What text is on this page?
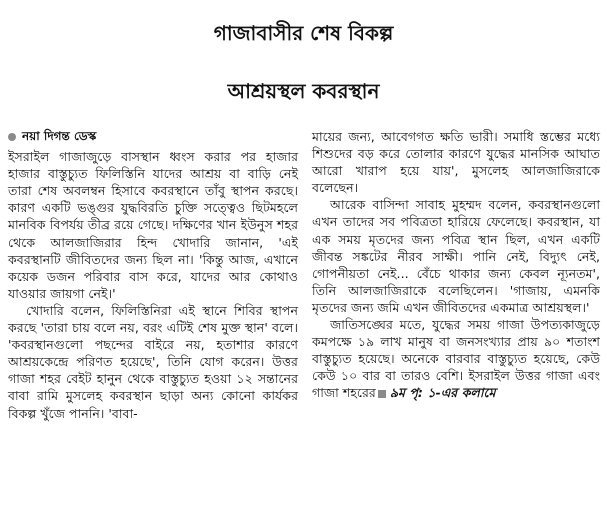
গাজাবাসীর শেষ বিকল্প
আশ্রয়স্থল কবরস্থান
নয়া দিগন্ত ডেস্ক

ইসরাইল গাজাজুড়ে বাসস্থান ধ্বংস করার পর হাজার হাজার বাস্তুচ্যুত ফিলিস্তিনি যাদের আশ্রয় বা বাড়ি নেই তারা শেষ অবলম্বন হিসাবে কবরস্থানে তাঁবু স্থাপন করছে। কারণ একটি ভঙ্গুর যুদ্ধবিরতি চুক্তি সত্ত্বেও ছিটমহলে মানবিক বিপর্যয় তীব্র রয়ে গেছে। দক্ষিণের খান ইউনুস শহর থেকে আলজাজিরার হিন্দ খোদারি জানান, 'এই কবরস্থানটি জীবিতদের জন্য ছিল না। 'কিন্তু আজ, এখানে কয়েক ডজন পরিবার বাস করে, যাদের আর কোথাও যাওয়ার জায়গা নেই।'

খোদারি বলেন, ফিলিস্তিনিরা এই স্থানে শিবির স্থাপন করছে 'তারা চায় বলে নয়, বরং এটিই শেষ মুক্ত স্থান' বলে। 'কবরস্থানগুলো পছন্দের বাইরে নয়, হতাশার কারণে আশ্রয়কেন্দ্রে পরিণত হয়েছে', তিনি যোগ করেন। উত্তর গাজা শহর বেইট হানুন থেকে বাস্তুচ্যুত হওয়া ১২ সন্তানের বাবা রামি মুসলেহ কবরস্থান ছাড়া অন্য কোনো কার্যকর বিকল্প খুঁজে পাননি। 'বাবা-

মায়ের জন্য, আবেগগত ক্ষতি ভারী। সমাধি স্তম্ভের মধ্যে শিশুদের বড় করে তোলার কারণে যুদ্ধের মানসিক আঘাত আরো খারাপ হয়ে যায়', মুসলেহ আলজাজিরাকে বলেছেন।

আরেক বাসিন্দা সাবাহ মুহম্মদ বলেন, কবরস্থানগুলো এখন তাদের সব পবিত্রতা হারিয়ে ফেলেছে। কবরস্থান, যা এক সময় মৃতদের জন্য পবিত্র স্থান ছিল, এখন একটি জীবন্ত সঙ্কটের নীরব সাক্ষী। পানি নেই, বিদ্যুৎ নেই, গোপনীয়তা নেই... বেঁচে থাকার জন্য কেবল ন্যূনতম', তিনি আলজাজিরাকে বলেছিলেন। 'গাজায়, এমনকি মৃতদের জন্য জমি এখন জীবিতদের একমাত্র আশ্রয়স্থল।'

জাতিসঙ্ঘের মতে, যুদ্ধের সময় গাজা উপত্যকাজুড়ে কমপক্ষে ১৯ লাখ মানুষ বা জনসংখ্যার প্রায় ৯০ শতাংশ বাস্তুচ্যুত হয়েছে। অনেকে বারবার বাস্তুচ্যুত হয়েছে, কেউ কেউ ১০ বার বা তারও বেশি। ইসরাইল উত্তর গাজা এবং গাজা শহরের ৯ম পৃ: ১-এর কলামে
